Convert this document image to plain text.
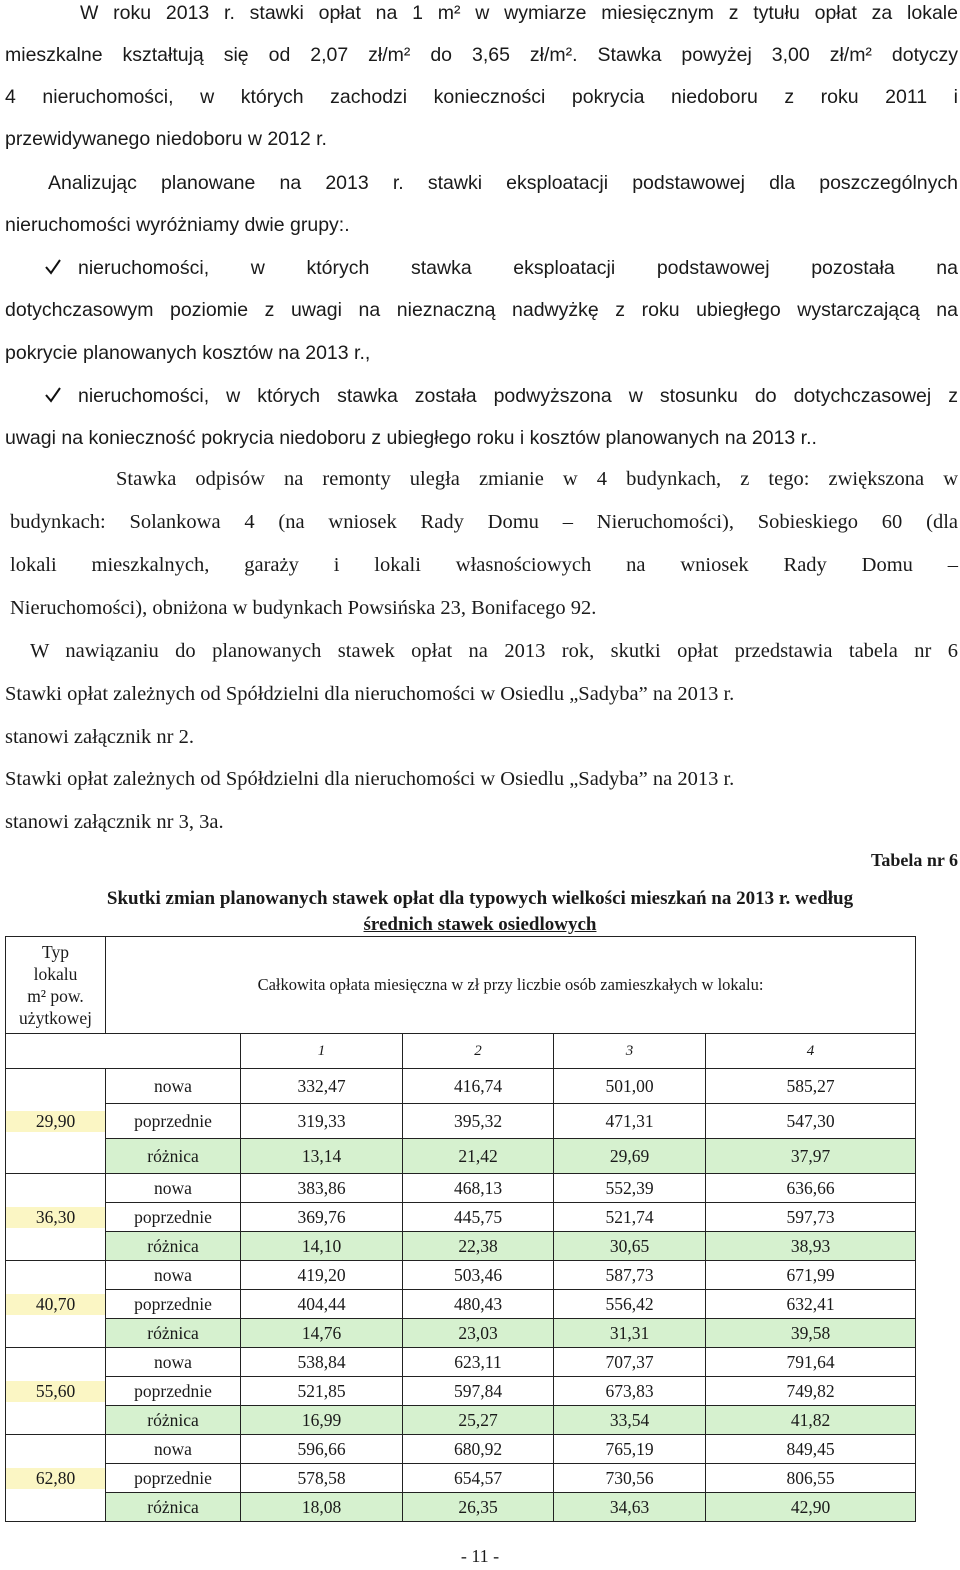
W roku 2013 r. stawki opłat na 1 m² w wymiarze miesięcznym z tytułu opłat za lokale
mieszkalne kształtują się od 2,07 zł/m² do 3,65 zł/m². Stawka powyżej 3,00 zł/m² dotyczy
4 nieruchomości, w których zachodzi konieczności pokrycia niedoboru z roku 2011 i
przewidywanego niedoboru w 2012 r.
Analizując planowane na 2013 r. stawki eksploatacji podstawowej dla poszczególnych
nieruchomości wyróżniamy dwie grupy:.
nieruchomości, w których stawka eksploatacji podstawowej pozostała na
dotychczasowym poziomie z uwagi na nieznaczną nadwyżkę z roku ubiegłego wystarczającą na
pokrycie planowanych kosztów na 2013 r.,
nieruchomości, w których stawka została podwyższona w stosunku do dotychczasowej z
uwagi na konieczność pokrycia niedoboru z ubiegłego roku i kosztów planowanych na 2013 r..
Stawka odpisów na remonty uległa zmianie w 4 budynkach, z tego: zwiększona w
budynkach: Solankowa 4 (na wniosek Rady Domu – Nieruchomości), Sobieskiego 60 (dla
lokali mieszkalnych, garaży i lokali własnościowych na wniosek Rady Domu –
Nieruchomości), obniżona w budynkach Powsińska 23, Bonifacego 92.
W nawiązaniu do planowanych stawek opłat na 2013 rok, skutki opłat przedstawia tabela nr 6
Stawki opłat zależnych od Spółdzielni dla nieruchomości w Osiedlu „Sadyba” na 2013 r.
stanowi załącznik nr 2.
Stawki opłat zależnych od Spółdzielni dla nieruchomości w Osiedlu „Sadyba” na 2013 r.
stanowi załącznik nr 3, 3a.
Tabela nr 6
Skutki zmian planowanych stawek opłat dla typowych wielkości mieszkań na 2013 r. według
średnich stawek osiedlowych
Typ
lokalu
m² pow.
użytkowej	Całkowita opłata miesięczna w zł przy liczbie osób zamieszkałych w lokalu:				
		1	2	3	4

29,90	nowa	332,47	416,74	501,00	585,27
	poprzednie	319,33	395,32	471,31	547,30
	różnica	13,14	21,42	29,69	37,97

36,30	nowa	383,86	468,13	552,39	636,66
	poprzednie	369,76	445,75	521,74	597,73
	różnica	14,10	22,38	30,65	38,93

40,70	nowa	419,20	503,46	587,73	671,99
	poprzednie	404,44	480,43	556,42	632,41
	różnica	14,76	23,03	31,31	39,58

55,60	nowa	538,84	623,11	707,37	791,64
	poprzednie	521,85	597,84	673,83	749,82
	różnica	16,99	25,27	33,54	41,82

62,80	nowa	596,66	680,92	765,19	849,45
	poprzednie	578,58	654,57	730,56	806,55
	różnica	18,08	26,35	34,63	42,90
- 11 -
